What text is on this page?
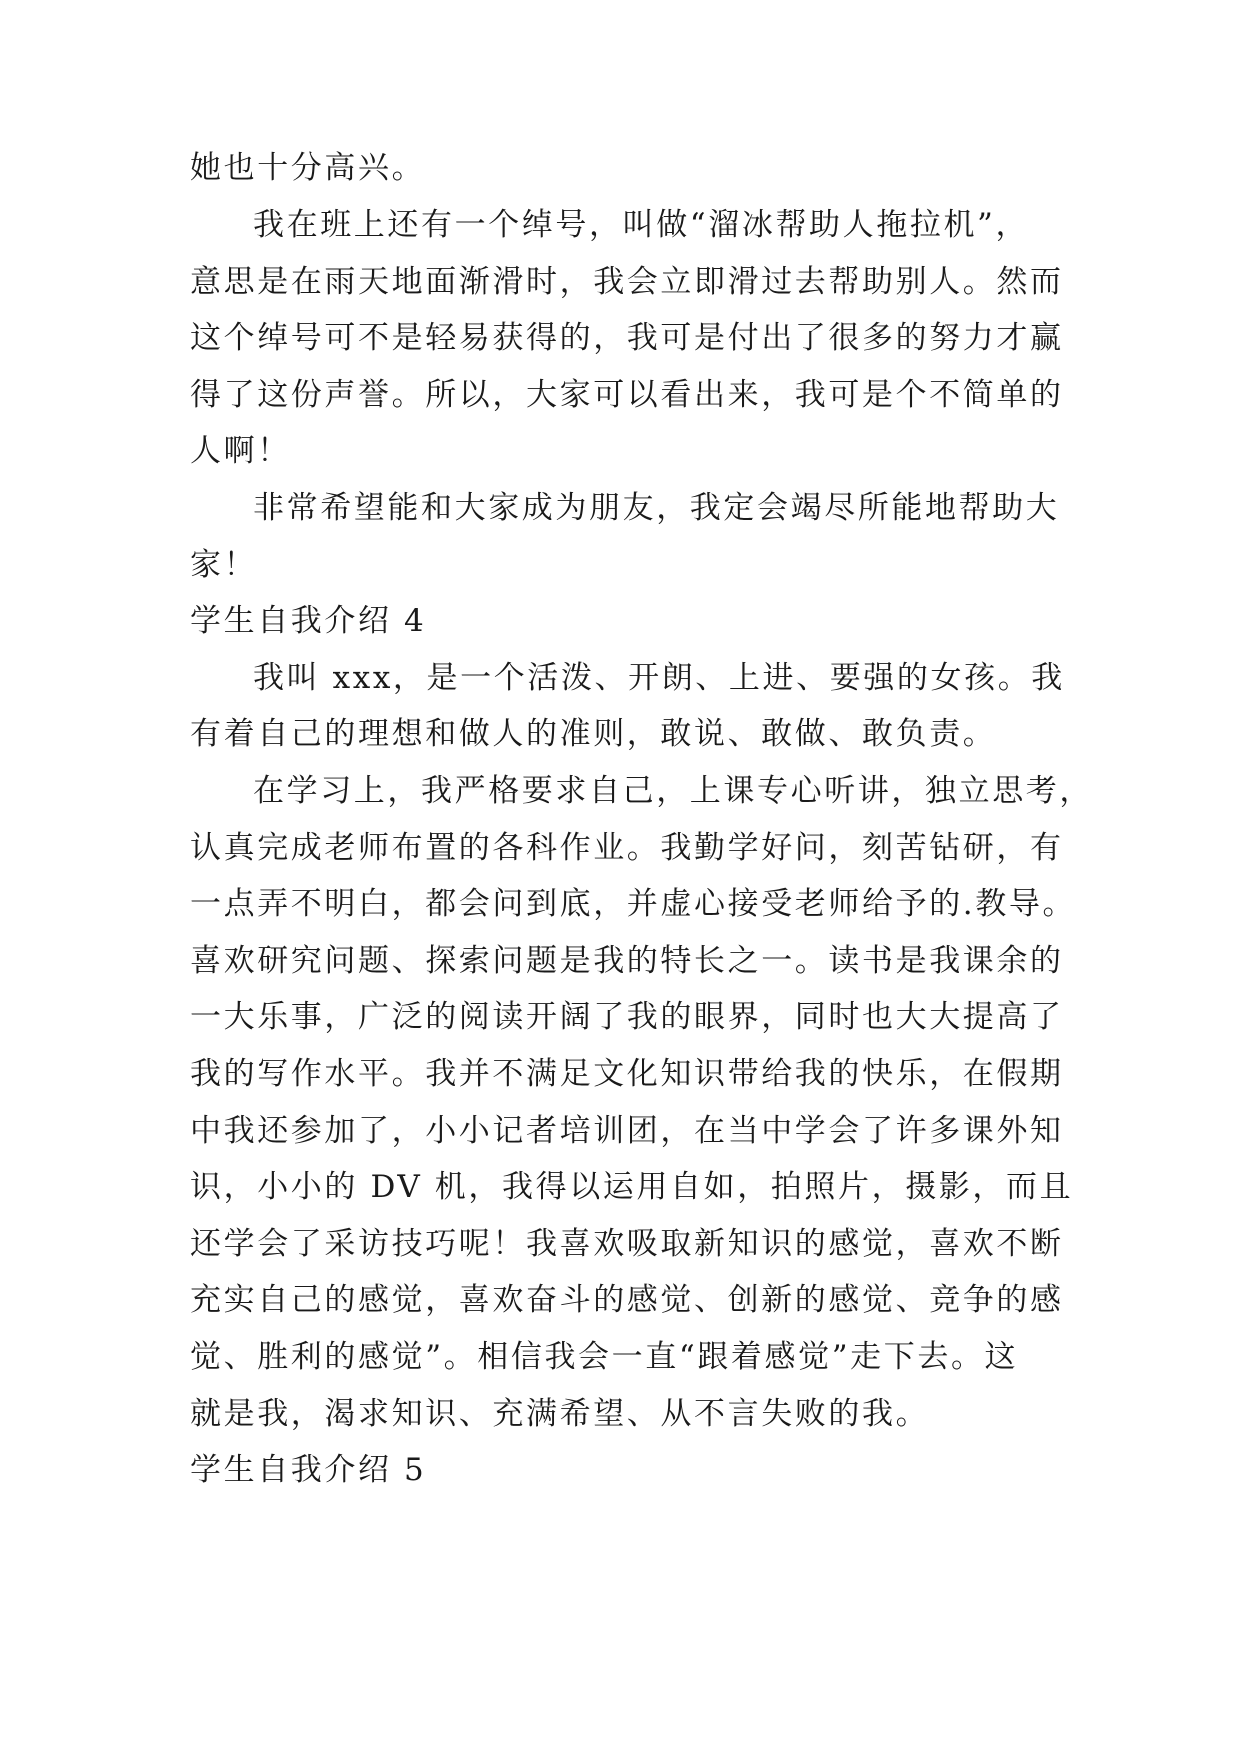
她也十分高兴。
我在班上还有一个绰号，叫做“溜冰帮助人拖拉机”，
意思是在雨天地面渐滑时，我会立即滑过去帮助别人。然而
这个绰号可不是轻易获得的，我可是付出了很多的努力才赢
得了这份声誉。所以，大家可以看出来，我可是个不简单的
人啊！
非常希望能和大家成为朋友，我定会竭尽所能地帮助大
家！
学生自我介绍 4
我叫 xxx，是一个活泼、开朗、上进、要强的女孩。我
有着自己的理想和做人的准则，敢说、敢做、敢负责。
在学习上，我严格要求自己，上课专心听讲，独立思考，
认真完成老师布置的各科作业。我勤学好问，刻苦钻研，有
一点弄不明白，都会问到底，并虚心接受老师给予的.教导。
喜欢研究问题、探索问题是我的特长之一。读书是我课余的
一大乐事，广泛的阅读开阔了我的眼界，同时也大大提高了
我的写作水平。我并不满足文化知识带给我的快乐，在假期
中我还参加了，小小记者培训团，在当中学会了许多课外知
识，小小的 DV 机，我得以运用自如，拍照片，摄影，而且
还学会了采访技巧呢！我喜欢吸取新知识的感觉，喜欢不断
充实自己的感觉，喜欢奋斗的感觉、创新的感觉、竞争的感
觉、胜利的感觉”。相信我会一直“跟着感觉”走下去。这
就是我，渴求知识、充满希望、从不言失败的我。
学生自我介绍 5
